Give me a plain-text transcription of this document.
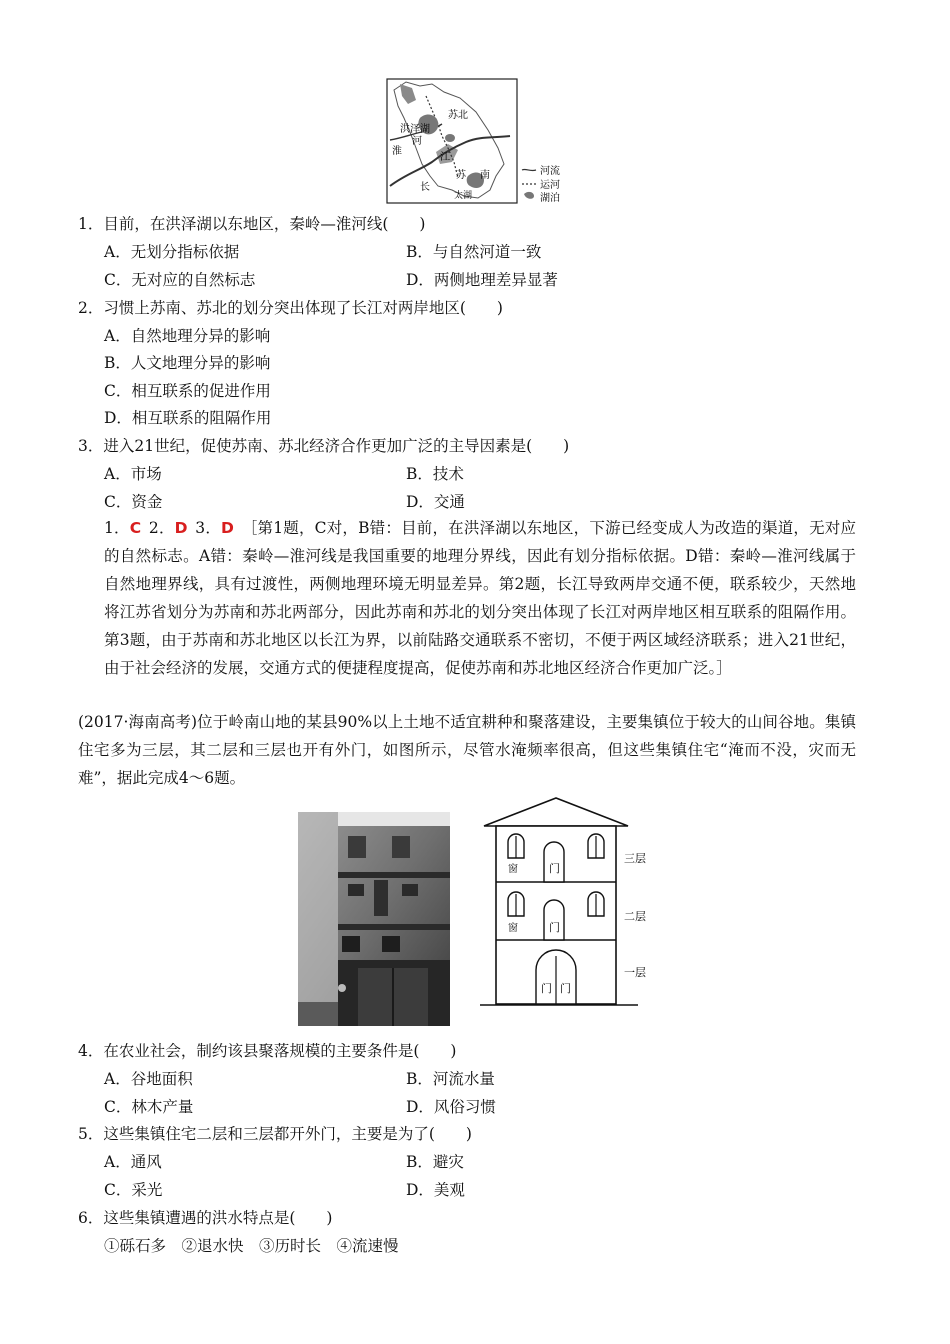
苏北
洪泽湖
河
淮
江
长
苏 南
太湖
河流
运河
湖泊
1．目前，在洪泽湖以东地区，秦岭—淮河线(　　)
A．无划分指标依据	B．与自然河道一致
C．无对应的自然标志	D．两侧地理差异显著
2．习惯上苏南、苏北的划分突出体现了长江对两岸地区(　　)
A．自然地理分异的影响
B．人文地理分异的影响
C．相互联系的促进作用
D．相互联系的阻隔作用
3．进入21世纪，促使苏南、苏北经济合作更加广泛的主导因素是(　　)
A．市场	B．技术
C．资金	D．交通
1．C  2．D  3．D  ［第1题，C对，B错：目前，在洪泽湖以东地区，下游已经变成人为改造的渠道，无对应的自然标志。A错：秦岭—淮河线是我国重要的地理分界线，因此有划分指标依据。D错：秦岭—淮河线属于自然地理界线，具有过渡性，两侧地理环境无明显差异。第2题，长江导致两岸交通不便，联系较少，天然地将江苏省划分为苏南和苏北两部分，因此苏南和苏北的划分突出体现了长江对两岸地区相互联系的阻隔作用。第3题，由于苏南和苏北地区以长江为界，以前陆路交通联系不密切，不便于两区域经济联系；进入21世纪，由于社会经济的发展，交通方式的便捷程度提高，促使苏南和苏北地区经济合作更加广泛。］
(2017·海南高考)位于岭南山地的某县90%以上土地不适宜耕种和聚落建设，主要集镇位于较大的山间谷地。集镇住宅多为三层，其二层和三层也开有外门，如图所示，尽管水淹频率很高，但这些集镇住宅“淹而不没，灾而无难”，据此完成4～6题。
窗	门
三层
窗	门
二层
门 门
一层
4．在农业社会，制约该县聚落规模的主要条件是(　　)
A．谷地面积	B．河流水量
C．林木产量	D．风俗习惯
5．这些集镇住宅二层和三层都开外门，主要是为了(　　)
A．通风	B．避灾
C．采光	D．美观
6．这些集镇遭遇的洪水特点是(　　)
①砾石多　②退水快　③历时长　④流速慢
